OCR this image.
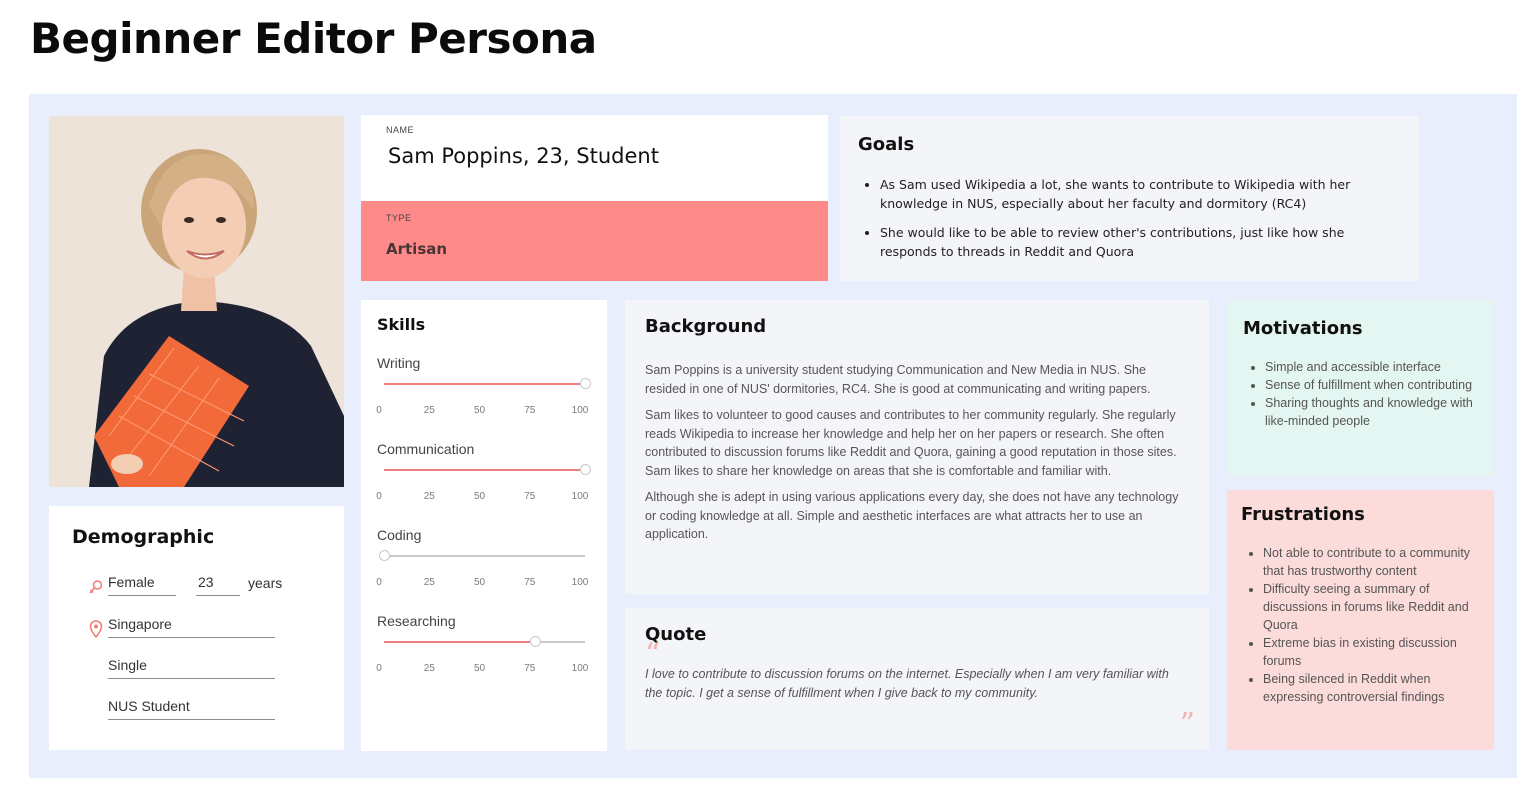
Beginner Editor Persona
Demographic
Female	23	years
Singapore
Single
NUS Student
NAME
Sam Poppins, 23, Student
TYPE
Artisan
Goals
• As Sam used Wikipedia a lot, she wants to contribute to Wikipedia with her knowledge in NUS, especially about her faculty and dormitory (RC4)
• She would like to be able to review other's contributions, just like how she responds to threads in Reddit and Quora
Skills
Writing
0	25	50	75	100
Communication
0	25	50	75	100
Coding
0	25	50	75	100
Researching
0	25	50	75	100
Background

Sam Poppins is a university student studying Communication and New Media in NUS. She resided in one of NUS' dormitories, RC4. She is good at communicating and writing papers.

Sam likes to volunteer to good causes and contributes to her community regularly. She regularly reads Wikipedia to increase her knowledge and help her on her papers or research. She often contributed to discussion forums like Reddit and Quora, gaining a good reputation in those sites. Sam likes to share her knowledge on areas that she is comfortable and familiar with.

Although she is adept in using various applications every day, she does not have any technology or coding knowledge at all. Simple and aesthetic interfaces are what attracts her to use an application.

Quote
“

I love to contribute to discussion forums on the internet. Especially when I am very familiar with the topic. I get a sense of fulfillment when I give back to my community.

”
Motivations
• Simple and accessible interface
• Sense of fulfillment when contributing
• Sharing thoughts and knowledge with like-minded people
Frustrations
• Not able to contribute to a community that has trustworthy content
• Difficulty seeing a summary of discussions in forums like Reddit and Quora
• Extreme bias in existing discussion forums
• Being silenced in Reddit when expressing controversial findings
